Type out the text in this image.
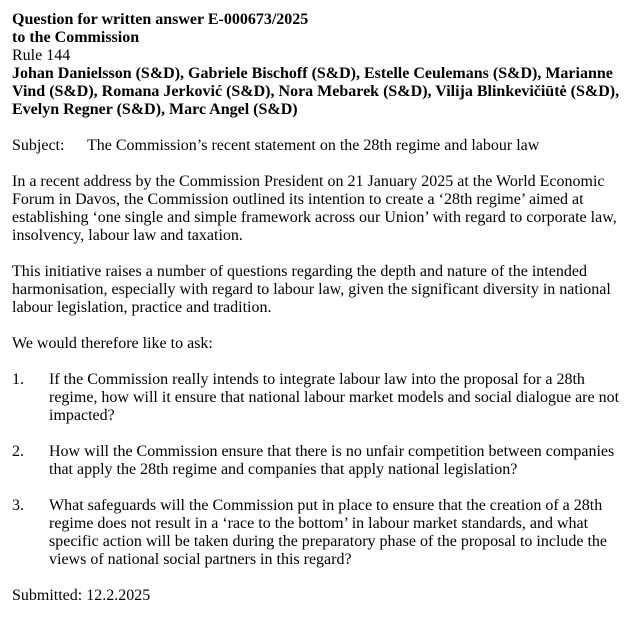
Question for written answer E-000673/2025
to the Commission
Rule 144

Johan Danielsson (S&D), Gabriele Bischoff (S&D), Estelle Ceulemans (S&D), Marianne Vind (S&D), Romana Jerković (S&D), Nora Mebarek (S&D), Vilija Blinkevičiūtė (S&D), Evelyn Regner (S&D), Marc Angel (S&D)

Subject: The Commission’s recent statement on the 28th regime and labour law

In a recent address by the Commission President on 21 January 2025 at the World Economic Forum in Davos, the Commission outlined its intention to create a ‘28th regime’ aimed at establishing ‘one single and simple framework across our Union’ with regard to corporate law, insolvency, labour law and taxation.

This initiative raises a number of questions regarding the depth and nature of the intended harmonisation, especially with regard to labour law, given the significant diversity in national labour legislation, practice and tradition.

We would therefore like to ask:

1. If the Commission really intends to integrate labour law into the proposal for a 28th regime, how will it ensure that national labour market models and social dialogue are not impacted?
2. How will the Commission ensure that there is no unfair competition between companies that apply the 28th regime and companies that apply national legislation?
3. What safeguards will the Commission put in place to ensure that the creation of a 28th regime does not result in a ‘race to the bottom’ in labour market standards, and what specific action will be taken during the preparatory phase of the proposal to include the views of national social partners in this regard?
Submitted: 12.2.2025
